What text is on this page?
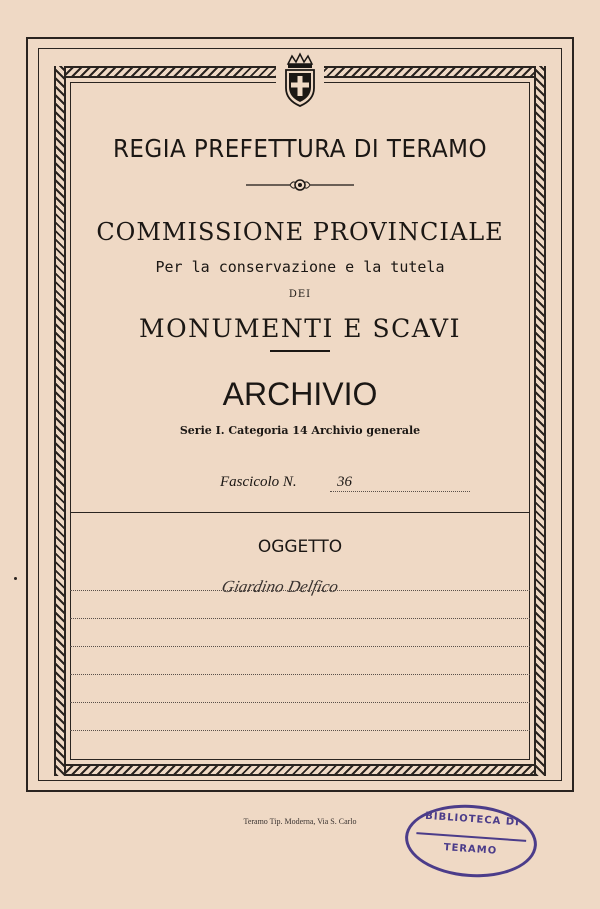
REGIA PREFETTURA DI TERAMO
COMMISSIONE PROVINCIALE
Per la conservazione e la tutela
DEI
MONUMENTI E SCAVI
ARCHIVIO
Serie I. Categoria 14 Archivio generale
Fascicolo N.	36
OGGETTO
Giardino Delfico
Teramo Tip. Moderna, Via S. Carlo	BIBLIOTECA DI
TERAMO
